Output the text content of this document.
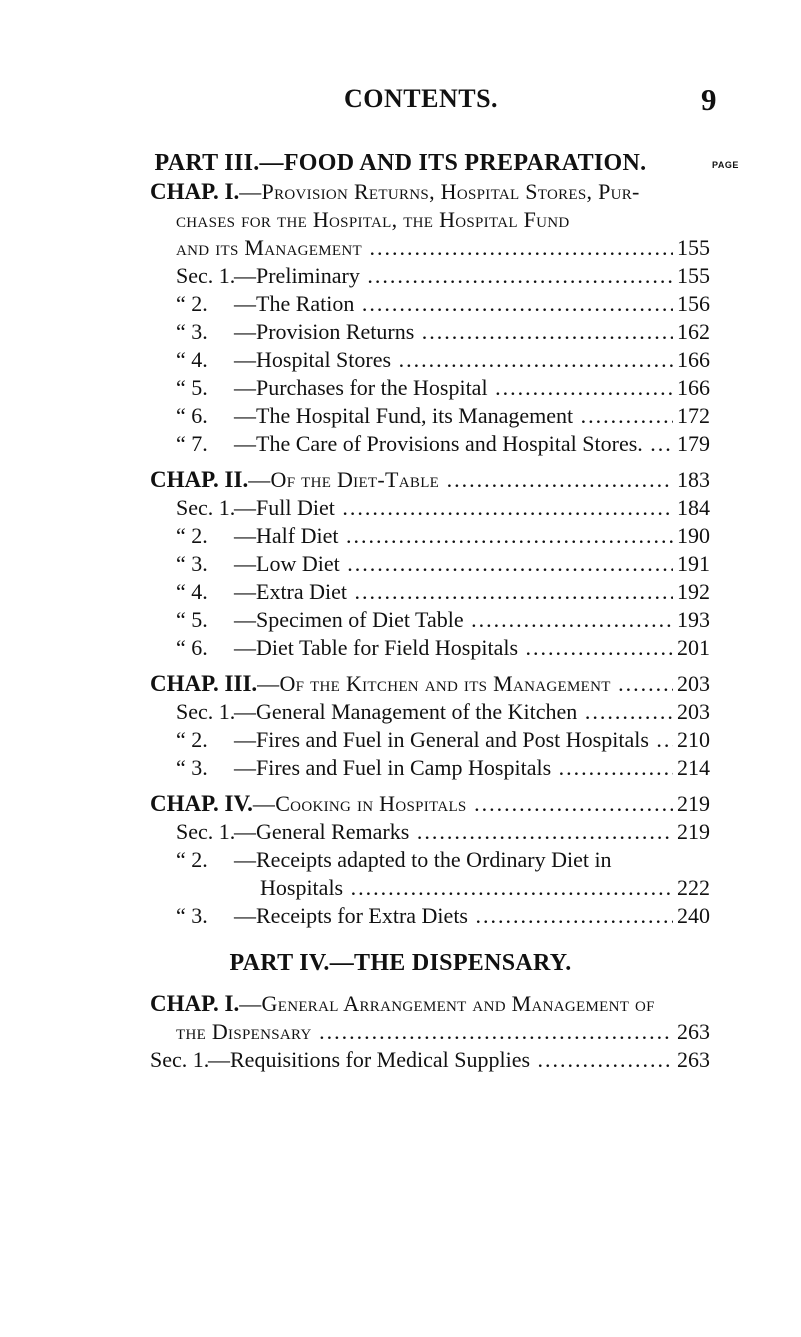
CONTENTS.	9
PART III.—FOOD AND ITS PREPARATION.	PAGE
CHAP. I.—Provision Returns, Hospital Stores, Pur-
chases for the Hospital, the Hospital Fund
and its Management .....	155
Sec. 1.—Preliminary .....	155
“ 2. —The Ration .....	156
“ 3. —Provision Returns .....	162
“ 4. —Hospital Stores .....	166
“ 5. —Purchases for the Hospital .....	166
“ 6. —The Hospital Fund, its Management .....	172
“ 7. —The Care of Provisions and Hospital Stores. .....	179
CHAP. II.—Of the Diet-Table .....	183
Sec. 1.—Full Diet .....	184
“ 2. —Half Diet .....	190
“ 3. —Low Diet .....	191
“ 4. —Extra Diet .....	192
“ 5. —Specimen of Diet Table .....	193
“ 6. —Diet Table for Field Hospitals .....	201
CHAP. III.—Of the Kitchen and its Management .....	203
Sec. 1.—General Management of the Kitchen .....	203
“ 2. —Fires and Fuel in General and Post Hospitals .....	210
“ 3. —Fires and Fuel in Camp Hospitals .....	214
CHAP. IV.—Cooking in Hospitals .....	219
Sec. 1.—General Remarks .....	219
“ 2. —Receipts adapted to the Ordinary Diet in
Hospitals .....	222
“ 3. —Receipts for Extra Diets .....	240
PART IV.—THE DISPENSARY.
CHAP. I.—General Arrangement and Management of
the Dispensary .....	263
Sec. 1.—Requisitions for Medical Supplies .....	263
